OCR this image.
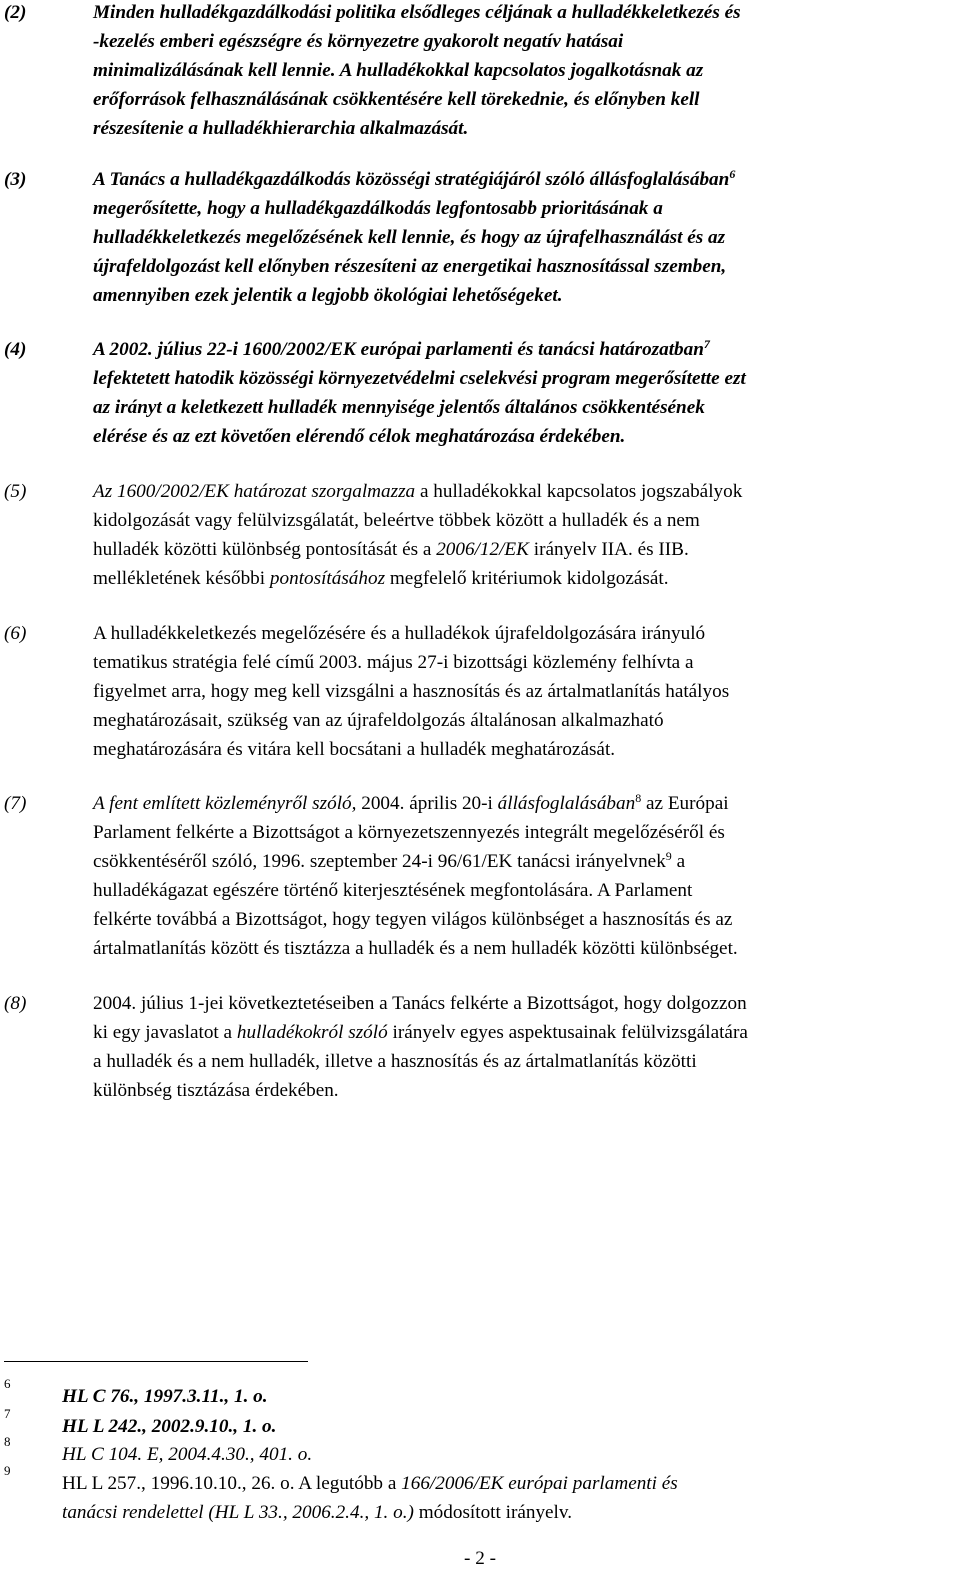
(2)	Minden hulladékgazdálkodási politika elsődleges céljának a hulladékkeletkezés és
-kezelés emberi egészségre és környezetre gyakorolt negatív hatásai
minimalizálásának kell lennie. A hulladékokkal kapcsolatos jogalkotásnak az
erőforrások felhasználásának csökkentésére kell törekednie, és előnyben kell
részesítenie a hulladékhierarchia alkalmazását.
(3)	A Tanács a hulladékgazdálkodás közösségi stratégiájáról szóló állásfoglalásában$^6$
megerősítette, hogy a hulladékgazdálkodás legfontosabb prioritásának a
hulladékkeletkezés megelőzésének kell lennie, és hogy az újrafelhasználást és az
újrafeldolgozást kell előnyben részesíteni az energetikai hasznosítással szemben,
amennyiben ezek jelentik a legjobb ökológiai lehetőségeket.
(4)	A 2002. július 22-i 1600/2002/EK európai parlamenti és tanácsi határozatban$^7$
lefektetett hatodik közösségi környezetvédelmi cselekvési program megerősítette ezt
az irányt a keletkezett hulladék mennyisége jelentős általános csökkentésének
elérése és az ezt követően elérendő célok meghatározása érdekében.
(5)	Az 1600/2002/EK határozat szorgalmazza a hulladékokkal kapcsolatos jogszabályok
kidolgozását vagy felülvizsgálatát, beleértve többek között a hulladék és a nem
hulladék közötti különbség pontosítását és a 2006/12/EK irányelv IIA. és IIB.
mellékletének későbbi pontosításához megfelelő kritériumok kidolgozását.
(6)	A hulladékkeletkezés megelőzésére és a hulladékok újrafeldolgozására irányuló
tematikus stratégia felé című 2003. május 27-i bizottsági közlemény felhívta a
figyelmet arra, hogy meg kell vizsgálni a hasznosítás és az ártalmatlanítás hatályos
meghatározásait, szükség van az újrafeldolgozás általánosan alkalmazható
meghatározására és vitára kell bocsátani a hulladék meghatározását.
(7)	A fent említett közleményről szóló, 2004. április 20-i állásfoglalásában$^8$ az Európai
Parlament felkérte a Bizottságot a környezetszennyezés integrált megelőzéséről és
csökkentéséről szóló, 1996. szeptember 24-i 96/61/EK tanácsi irányelvnek$^9$ a
hulladékágazat egészére történő kiterjesztésének megfontolására. A Parlament
felkérte továbbá a Bizottságot, hogy tegyen világos különbséget a hasznosítás és az
ártalmatlanítás között és tisztázza a hulladék és a nem hulladék közötti különbséget.
(8)	2004. július 1-jei következtetéseiben a Tanács felkérte a Bizottságot, hogy dolgozzon
ki egy javaslatot a hulladékokról szóló irányelv egyes aspektusainak felülvizsgálatára
a hulladék és a nem hulladék, illetve a hasznosítás és az ártalmatlanítás közötti
különbség tisztázása érdekében.
6
HL C 76., 1997.3.11., 1. o.
7
HL L 242., 2002.9.10., 1. o.
8
HL C 104. E, 2004.4.30., 401. o.
9
HL L 257., 1996.10.10., 26. o. A legutóbb a 166/2006/EK európai parlamenti és
tanácsi rendelettel (HL L 33., 2006.2.4., 1. o.) módosított irányelv.
- 2 -
